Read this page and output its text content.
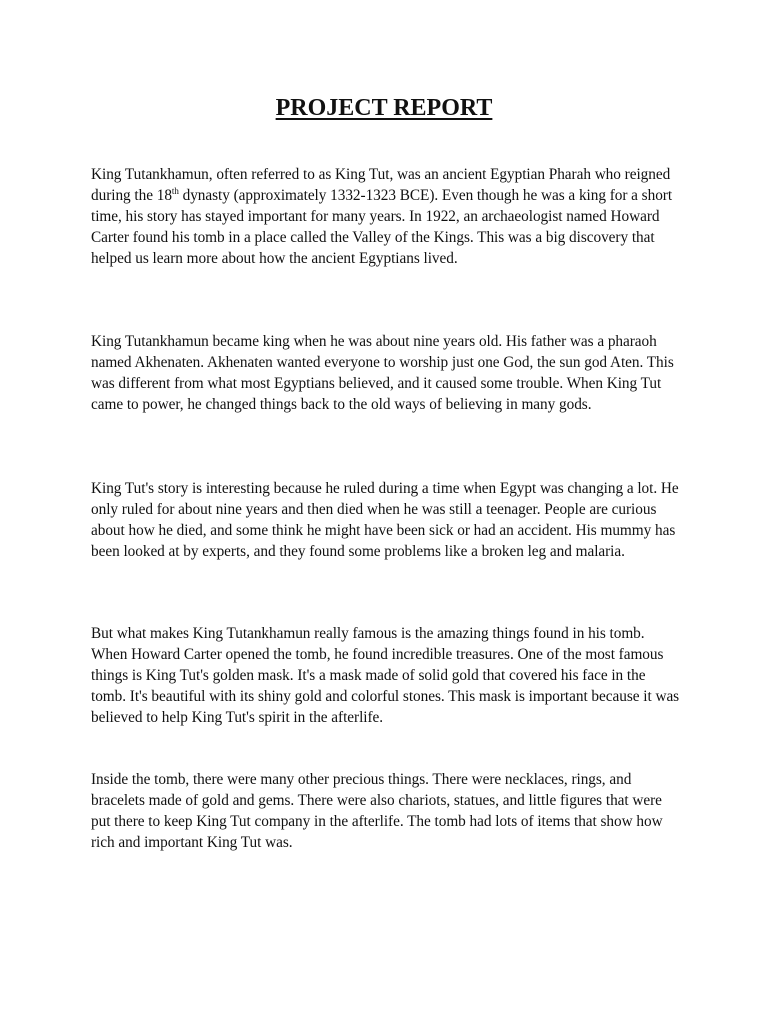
PROJECT REPORT

King Tutankhamun, often referred to as King Tut, was an ancient Egyptian Pharah who reigned during the 18th dynasty (approximately 1332-1323 BCE). Even though he was a king for a short time, his story has stayed important for many years. In 1922, an archaeologist named Howard Carter found his tomb in a place called the Valley of the Kings. This was a big discovery that helped us learn more about how the ancient Egyptians lived.

King Tutankhamun became king when he was about nine years old. His father was a pharaoh named Akhenaten. Akhenaten wanted everyone to worship just one God, the sun god Aten. This was different from what most Egyptians believed, and it caused some trouble. When King Tut came to power, he changed things back to the old ways of believing in many gods.

King Tut's story is interesting because he ruled during a time when Egypt was changing a lot. He only ruled for about nine years and then died when he was still a teenager. People are curious about how he died, and some think he might have been sick or had an accident. His mummy has been looked at by experts, and they found some problems like a broken leg and malaria.

But what makes King Tutankhamun really famous is the amazing things found in his tomb. When Howard Carter opened the tomb, he found incredible treasures. One of the most famous things is King Tut's golden mask. It's a mask made of solid gold that covered his face in the tomb. It's beautiful with its shiny gold and colorful stones. This mask is important because it was believed to help King Tut's spirit in the afterlife.

Inside the tomb, there were many other precious things. There were necklaces, rings, and bracelets made of gold and gems. There were also chariots, statues, and little figures that were put there to keep King Tut company in the afterlife. The tomb had lots of items that show how rich and important King Tut was.
